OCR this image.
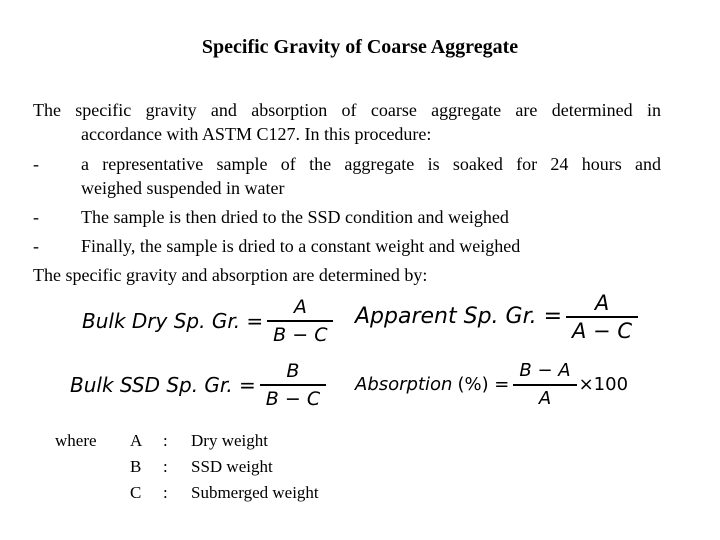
Specific Gravity of Coarse Aggregate
The specific gravity and absorption of coarse aggregate are determined in
accordance with ASTM C127. In this procedure:
- a representative sample of the aggregate is soaked for 24 hours and
weighed suspended in water
- The sample is then dried to the SSD condition and weighed
- Finally, the sample is dried to a constant weight and weighed
The specific gravity and absorption are determined by:
Bulk Dry Sp. Gr. = $\frac{A}{B - C}$ Apparent Sp. Gr. = $\frac{A}{A - C}$
Bulk SSD Sp. Gr. = $\frac{B}{B - C}$ Absorption (%) = $\frac{B - A}{A} \times 100$
where A : Dry weight
B : SSD weight
C : Submerged weight
